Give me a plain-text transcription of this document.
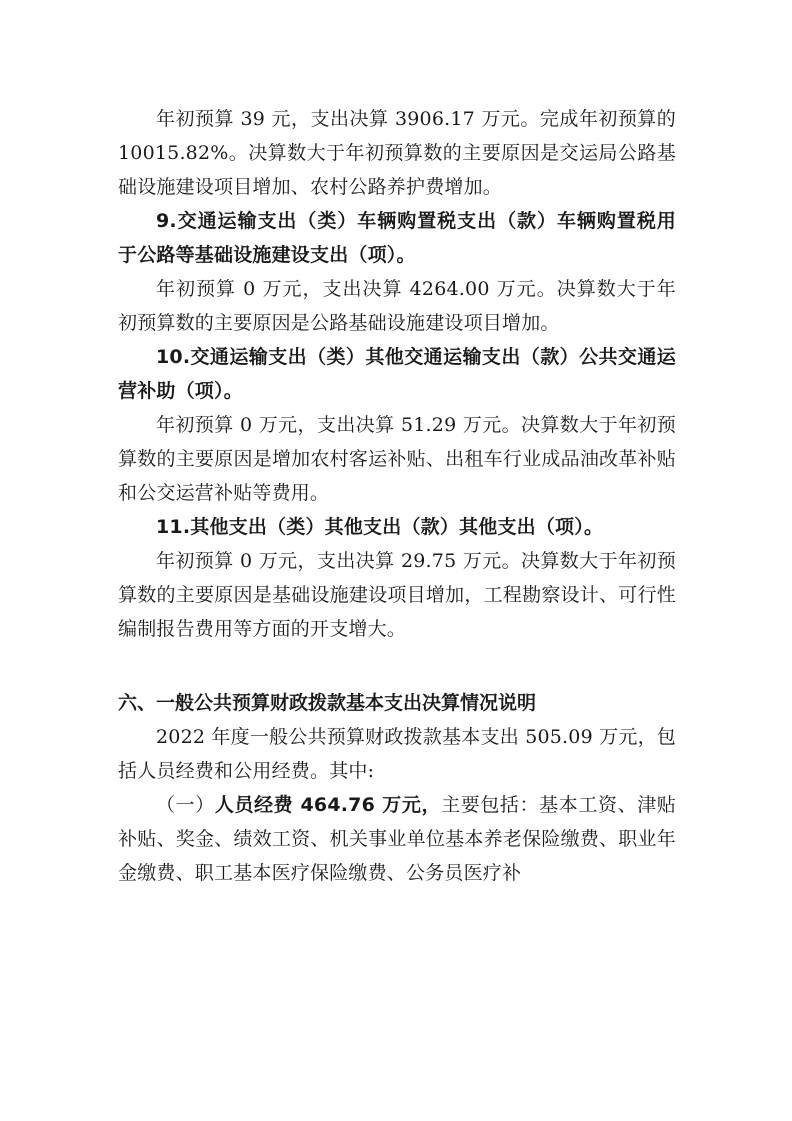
年初预算 39 元，支出决算 3906.17 万元。完成年初预算的 10015.82%。决算数大于年初预算数的主要原因是交运局公路基础设施建设项目增加、农村公路养护费增加。

9.交通运输支出（类）车辆购置税支出（款）车辆购置税用于公路等基础设施建设支出（项）。

年初预算 0 万元，支出决算 4264.00 万元。决算数大于年初预算数的主要原因是公路基础设施建设项目增加。

10.交通运输支出（类）其他交通运输支出（款）公共交通运营补助（项）。

年初预算 0 万元，支出决算 51.29 万元。决算数大于年初预算数的主要原因是增加农村客运补贴、出租车行业成品油改革补贴和公交运营补贴等费用。

11.其他支出（类）其他支出（款）其他支出（项）。

年初预算 0 万元，支出决算 29.75 万元。决算数大于年初预算数的主要原因是基础设施建设项目增加，工程勘察设计、可行性编制报告费用等方面的开支增大。

六、一般公共预算财政拨款基本支出决算情况说明

2022 年度一般公共预算财政拨款基本支出 505.09 万元，包括人员经费和公用经费。其中:

（一）人员经费 464.76 万元，主要包括：基本工资、津贴补贴、奖金、绩效工资、机关事业单位基本养老保险缴费、职业年金缴费、职工基本医疗保险缴费、公务员医疗补
